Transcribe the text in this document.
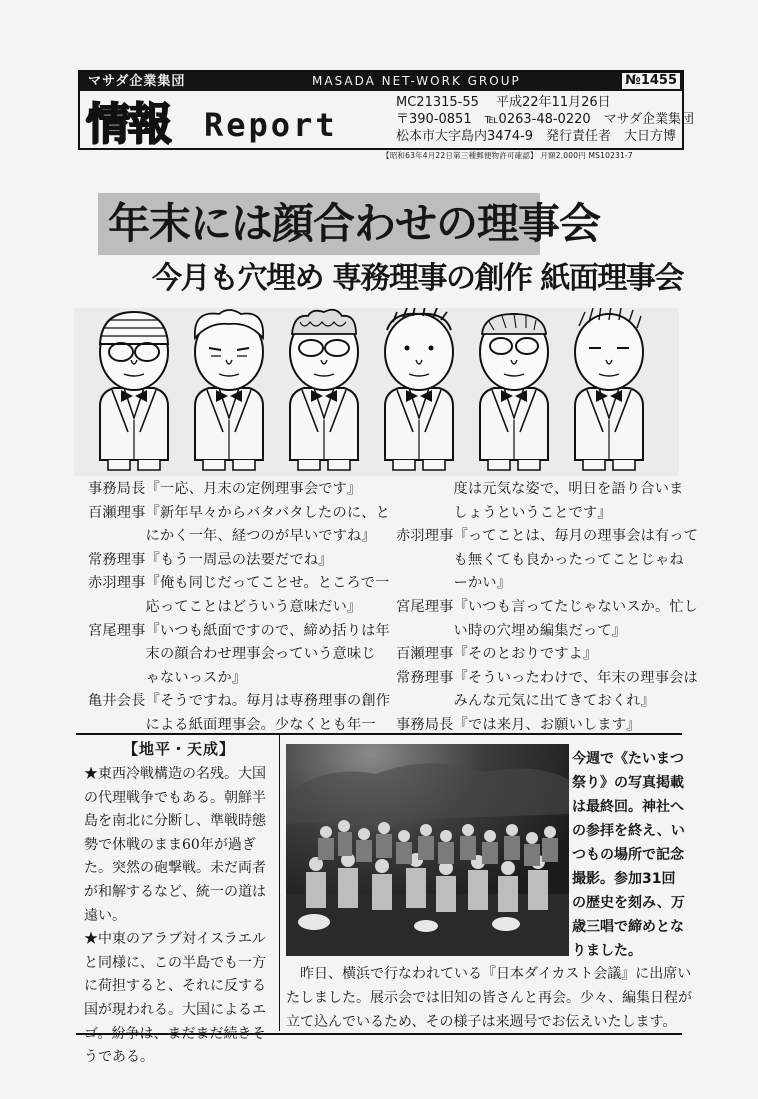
マサダ企業集団	MASADA NET-WORK GROUP	№1455
情報 Report
MC21315-55　 平成22年11月26日
〒390-0851　℡0263-48-0220　マサダ企業集団
松本市大字島内3474-9　発行責任者　大日方博
【昭和63年4月22日第三種郵便物許可確認】 月額2,000円 MS10231-7
年末には顔合わせの理事会
今月も穴埋め 専務理事の創作 紙面理事会
事務局長『一応、月末の定例理事会です』
百瀬理事『新年早々からバタバタしたのに、と
　　　　にかく一年、経つのが早いですね』
常務理事『もう一周忌の法要だでね』
赤羽理事『俺も同じだってことせ。ところで一
　　　　応ってことはどういう意味だい』
宮尾理事『いつも紙面ですので、締め括りは年
　　　　末の顔合わせ理事会っていう意味じ
　　　　ゃないっスか』
亀井会長『そうですね。毎月は専務理事の創作
　　　　による紙面理事会。少なくとも年一
　　　　度は元気な姿で、明日を語り合いま
　　　　しょうということです』
赤羽理事『ってことは、毎月の理事会は有って
　　　　も無くても良かったってことじゃね
　　　　ーかい』
宮尾理事『いつも言ってたじゃないスか。忙し
　　　　い時の穴埋め編集だって』
百瀬理事『そのとおりですよ』
常務理事『そういったわけで、年末の理事会は
　　　　みんな元気に出てきておくれ』
事務局長『では来月、お願いします』
【地平・天成】

★東西冷戦構造の名残。大国の代理戦争でもある。朝鮮半島を南北に分断し、準戦時態勢で休戦のまま60年が過ぎた。突然の砲撃戦。未だ両者が和解するなど、統一の道は遠い。

★中東のアラブ対イスラエルと同様に、この半島でも一方に荷担すると、それに反する国が現われる。大国によるエゴ。紛争は、まだまだ続きそうである。

今週で《たいまつ
祭り》の写真掲載
は最終回。神社へ
の参拝を終え、い
つもの場所で記念
撮影。参加31回
の歴史を刻み、万
歳三唱で締めとな
りました。
　昨日、横浜で行なわれている『日本ダイカスト会議』に出席い
たしました。展示会では旧知の皆さんと再会。少々、編集日程が
立て込んでいるため、その様子は来週号でお伝えいたします。
